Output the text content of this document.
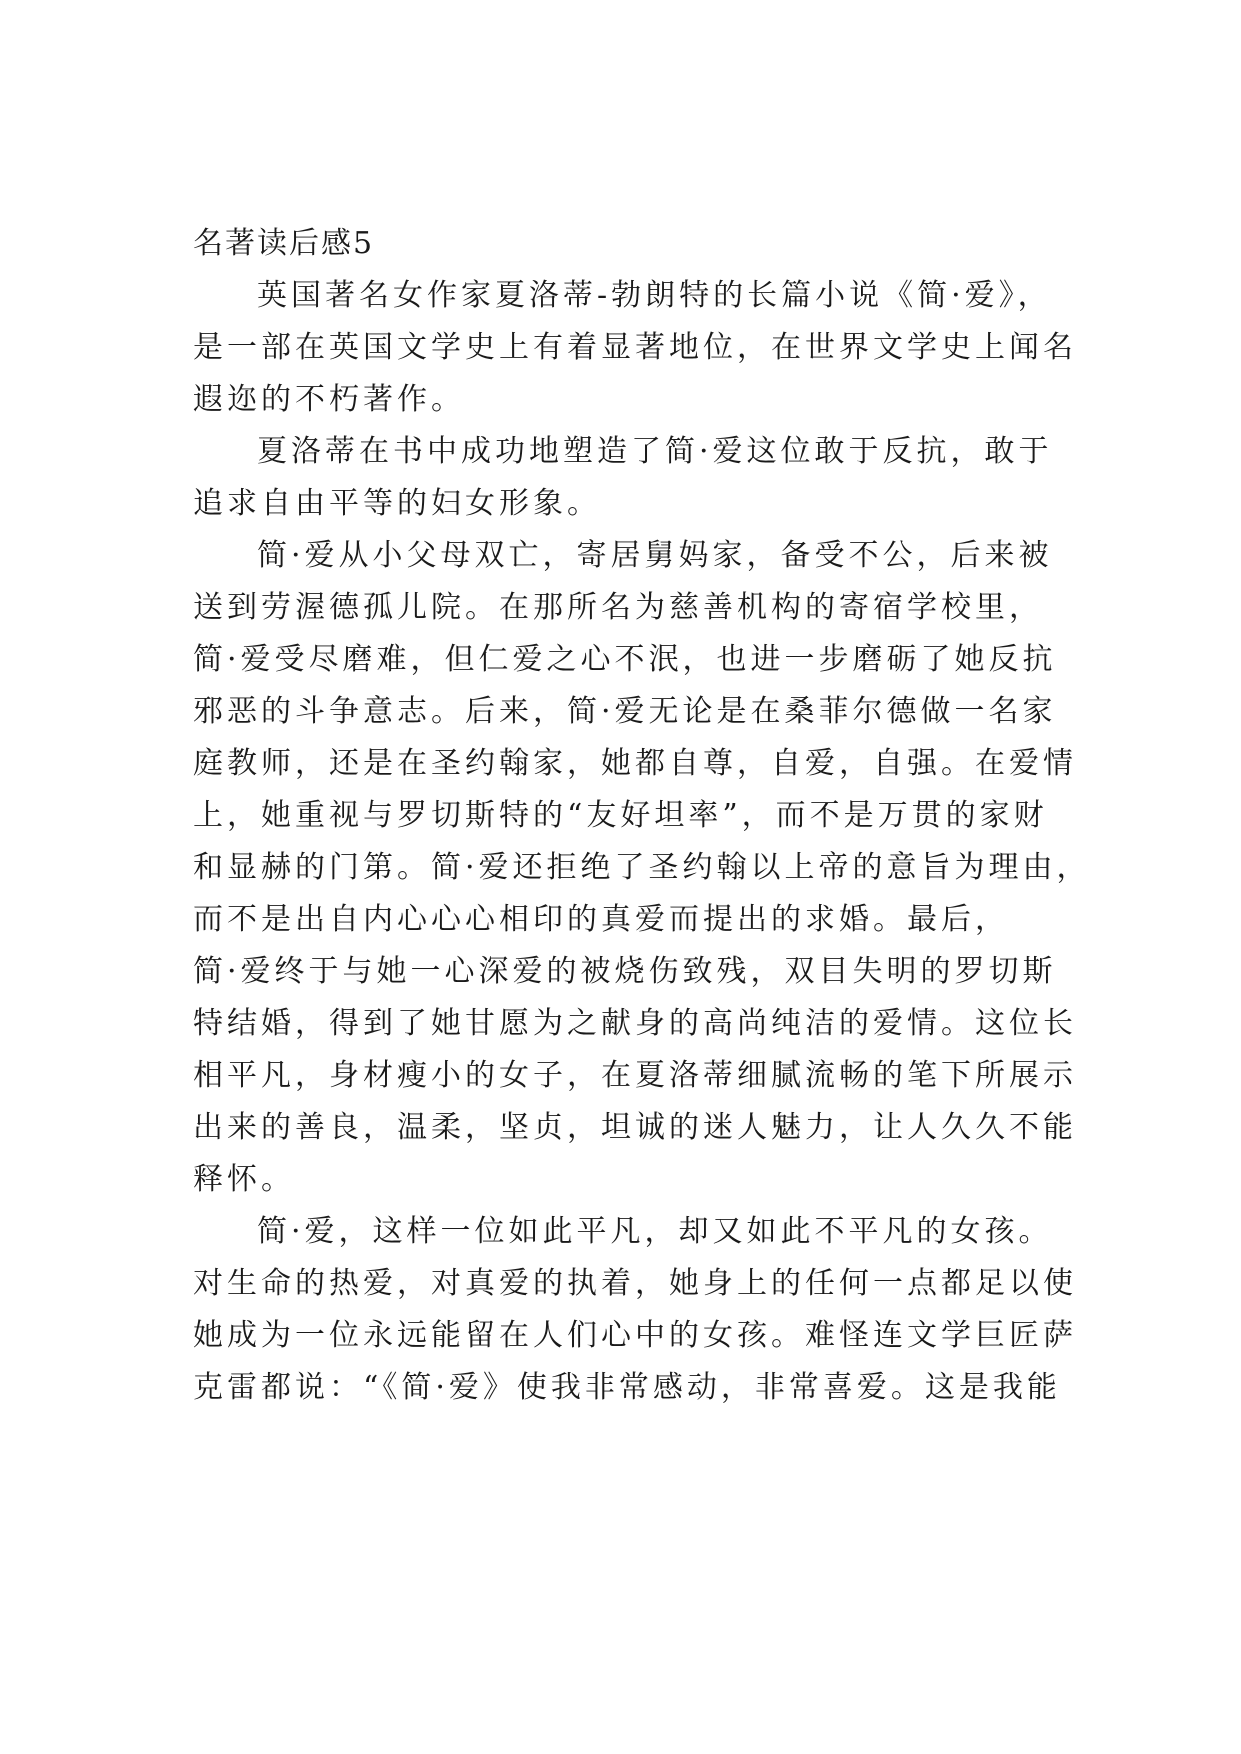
名著读后感5

英国著名女作家夏洛蒂-勃朗特的长篇小说《简·爱》，
是一部在英国文学史上有着显著地位，在世界文学史上闻名
遐迩的不朽著作。

夏洛蒂在书中成功地塑造了简·爱这位敢于反抗，敢于
追求自由平等的妇女形象。

简·爱从小父母双亡，寄居舅妈家，备受不公，后来被
送到劳渥德孤儿院。在那所名为慈善机构的寄宿学校里，
简·爱受尽磨难，但仁爱之心不泯，也进一步磨砺了她反抗
邪恶的斗争意志。后来，简·爱无论是在桑菲尔德做一名家
庭教师，还是在圣约翰家，她都自尊，自爱，自强。在爱情
上，她重视与罗切斯特的“友好坦率”，而不是万贯的家财
和显赫的门第。简·爱还拒绝了圣约翰以上帝的意旨为理由，
而不是出自内心心心相印的真爱而提出的求婚。最后，
简·爱终于与她一心深爱的被烧伤致残，双目失明的罗切斯
特结婚，得到了她甘愿为之献身的高尚纯洁的爱情。这位长
相平凡，身材瘦小的女子，在夏洛蒂细腻流畅的笔下所展示
出来的善良，温柔，坚贞，坦诚的迷人魅力，让人久久不能
释怀。

简·爱，这样一位如此平凡，却又如此不平凡的女孩。
对生命的热爱，对真爱的执着，她身上的任何一点都足以使
她成为一位永远能留在人们心中的女孩。难怪连文学巨匠萨
克雷都说：“《简·爱》使我非常感动，非常喜爱。这是我能
